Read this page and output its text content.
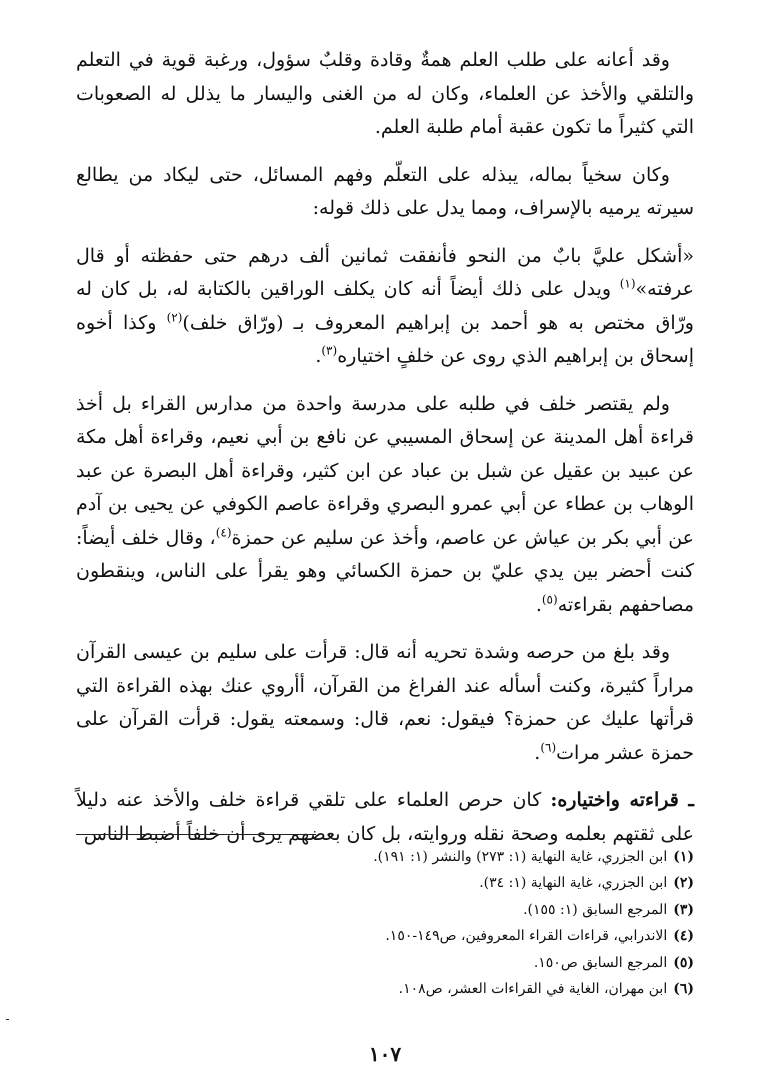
وقد أعانه على طلب العلم همةٌ وقادة وقلبٌ سؤول، ورغبة قوية في التعلم والتلقي والأخذ عن العلماء، وكان له من الغنى واليسار ما يذلل له الصعوبات التي كثيراً ما تكون عقبة أمام طلبة العلم.

وكان سخياً بماله، يبذله على التعلّم وفهم المسائل، حتى ليكاد من يطالع سيرته يرميه بالإسراف، ومما يدل على ذلك قوله:

«أشكل عليَّ بابٌ من النحو فأنفقت ثمانين ألف درهم حتى حفظته أو قال عرفته»$^{(١)}$ ويدل على ذلك أيضاً أنه كان يكلف الوراقين بالكتابة له، بل كان له ورّاق مختص به هو أحمد بن إبراهيم المعروف بـ (ورّاق خلف)$^{(٢)}$ وكذا أخوه إسحاق بن إبراهيم الذي روى عن خلفٍ اختياره$^{(٣)}$.

ولم يقتصر خلف في طلبه على مدرسة واحدة من مدارس القراء بل أخذ قراءة أهل المدينة عن إسحاق المسيبي عن نافع بن أبي نعيم، وقراءة أهل مكة عن عبيد بن عقيل عن شبل بن عباد عن ابن كثير، وقراءة أهل البصرة عن عبد الوهاب بن عطاء عن أبي عمرو البصري وقراءة عاصم الكوفي عن يحيى بن آدم عن أبي بكر بن عياش عن عاصم، وأخذ عن سليم عن حمزة$^{(٤)}$، وقال خلف أيضاً: كنت أحضر بين يدي عليّ بن حمزة الكسائي وهو يقرأ على الناس، وينقطون مصاحفهم بقراءته$^{(٥)}$.

وقد بلغ من حرصه وشدة تحريه أنه قال: قرأت على سليم بن عيسى القرآن مراراً كثيرة، وكنت أسأله عند الفراغ من القرآن، أأروي عنك بهذه القراءة التي قرأتها عليك عن حمزة؟ فيقول: نعم، قال: وسمعته يقول: قرأت القرآن على حمزة عشر مرات$^{(٦)}$.

ـ قراءته واختياره: كان حرص العلماء على تلقي قراءة خلف والأخذ عنه دليلاً على ثقتهم بعلمه وصحة نقله وروايته، بل كان بعضهم يرى أن خلفاً أضبط الناس

(١)
ابن الجزري، غاية النهاية (١: ٢٧٣) والنشر (١: ١٩١).
(٢)
ابن الجزري، غاية النهاية (١: ٣٤).
(٣)
المرجع السابق (١: ١٥٥).
(٤)
الاندرابي، قراءات القراء المعروفين، ص١٤٩-١٥٠.
(٥)
المرجع السابق ص١٥٠.
(٦)
ابن مهران، الغاية في القراءات العشر، ص١٠٨.
١٠٧
ـ
